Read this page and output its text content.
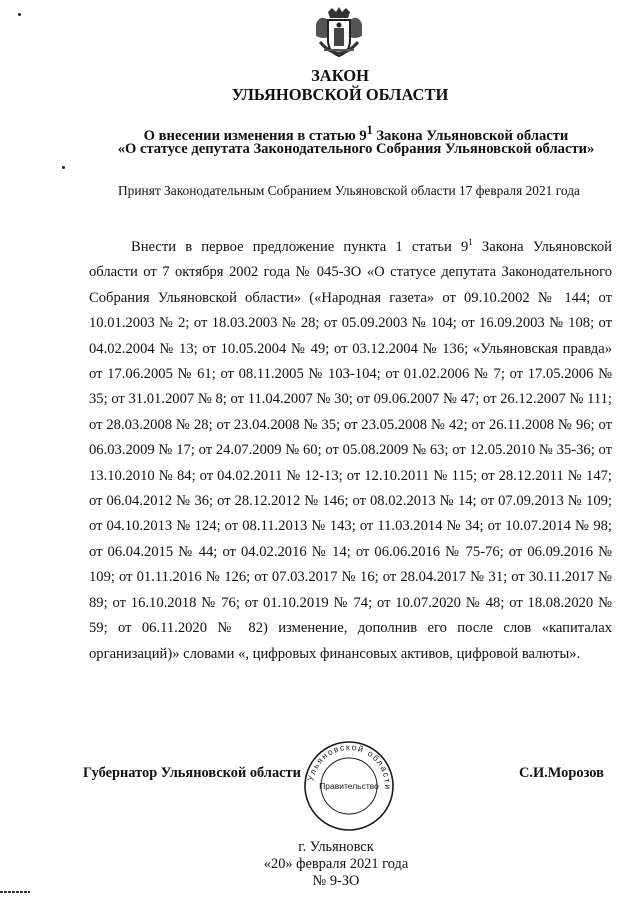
ЗАКОН
УЛЬЯНОВСКОЙ ОБЛАСТИ
О внесении изменения в статью $9^1$ Закона Ульяновской области
«О статусе депутата Законодательного Собрания Ульяновской области»
Принят Законодательным Собранием Ульяновской области 17 февраля 2021 года

Внести в первое предложение пункта 1 статьи $9^1$ Закона Ульяновской области от 7 октября 2002 года № 045-ЗО «О статусе депутата Законодательного Собрания Ульяновской области» («Народная газета» от 09.10.2002 № 144; от 10.01.2003 № 2; от 18.03.2003 № 28; от 05.09.2003 № 104; от 16.09.2003 № 108; от 04.02.2004 № 13; от 10.05.2004 № 49; от 03.12.2004 № 136; «Ульяновская правда» от 17.06.2005 № 61; от 08.11.2005 № 103-104; от 01.02.2006 № 7; от 17.05.2006 № 35; от 31.01.2007 № 8; от 11.04.2007 № 30; от 09.06.2007 № 47; от 26.12.2007 № 111; от 28.03.2008 № 28; от 23.04.2008 № 35; от 23.05.2008 № 42; от 26.11.2008 № 96; от 06.03.2009 № 17; от 24.07.2009 № 60; от 05.08.2009 № 63; от 12.05.2010 № 35-36; от 13.10.2010 № 84; от 04.02.2011 № 12-13; от 12.10.2011 № 115; от 28.12.2011 № 147; от 06.04.2012 № 36; от 28.12.2012 № 146; от 08.02.2013 № 14; от 07.09.2013 № 109; от 04.10.2013 № 124; от 08.11.2013 № 143; от 11.03.2014 № 34; от 10.07.2014 № 98; от 06.04.2015 № 44; от 04.02.2016 № 14; от 06.06.2016 № 75-76; от 06.09.2016 № 109; от 01.11.2016 № 126; от 07.03.2017 № 16; от 28.04.2017 № 31; от 30.11.2017 № 89; от 16.10.2018 № 76; от 01.10.2019 № 74; от 10.07.2020 № 48; от 18.08.2020 № 59; от 06.11.2020 № 82) изменение, дополнив его после слов «капиталах организаций)» словами «, цифровых финансовых активов, цифровой валюты».

Губернатор Ульяновской области	С.И.Морозов
Ульяновской области
Правительство
г. Ульяновск
«20» февраля 2021 года
№ 9-ЗО
